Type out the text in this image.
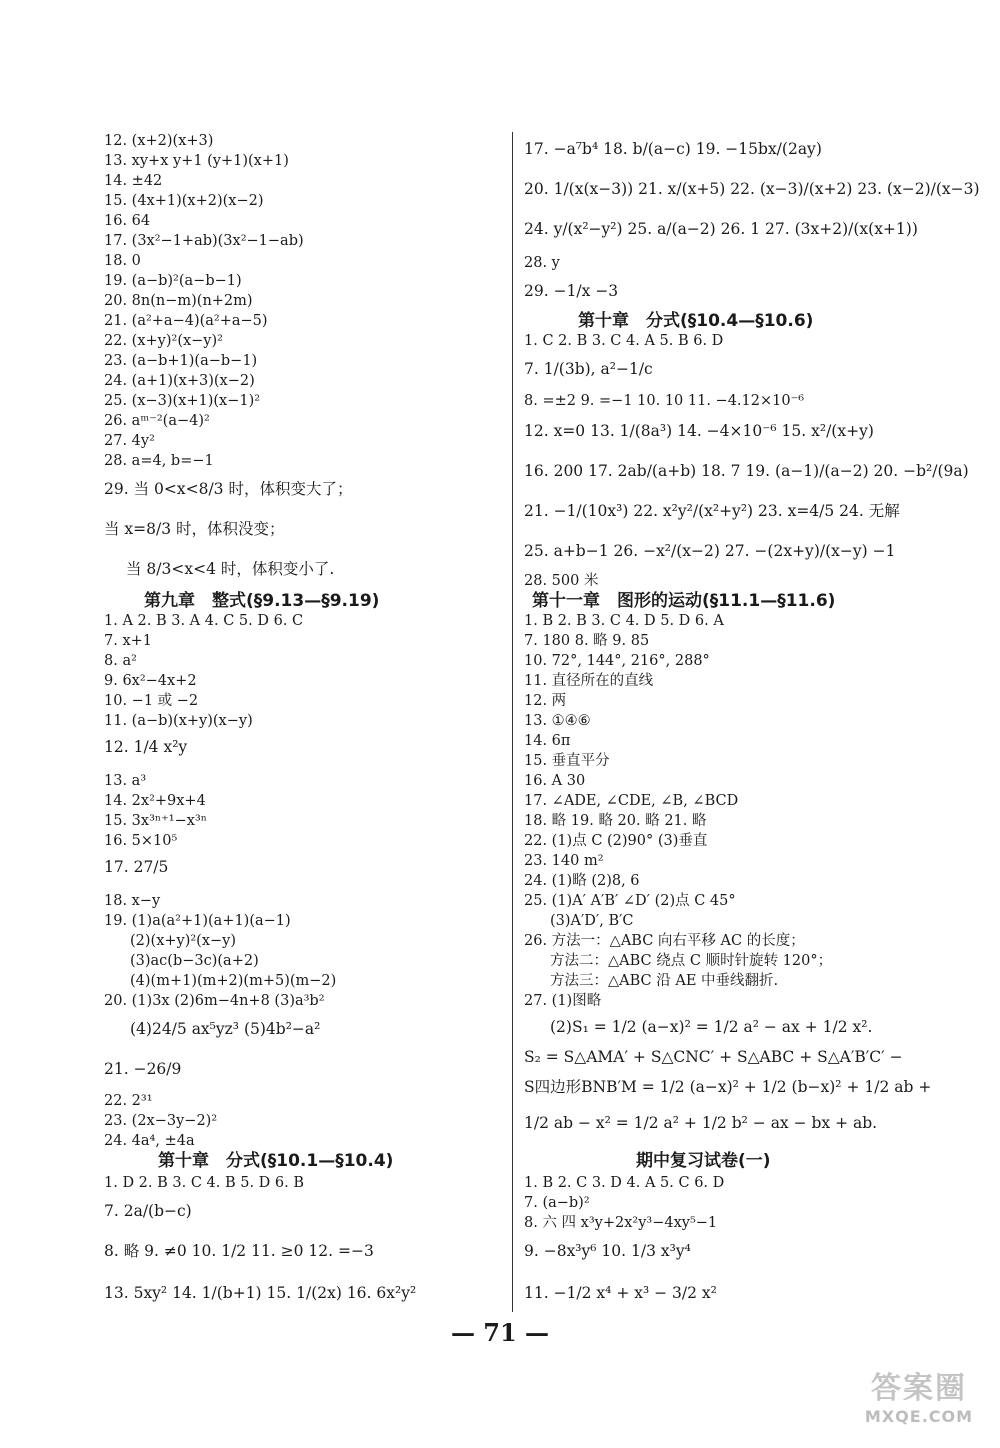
12. (x+2)(x+3)
13. xy+x y+1 (y+1)(x+1)
14. ±42
15. (4x+1)(x+2)(x−2)
16. 64
17. (3x²−1+ab)(3x²−1−ab)
18. 0
19. (a−b)²(a−b−1)
20. 8n(n−m)(n+2m)
21. (a²+a−4)(a²+a−5)
22. (x+y)²(x−y)²
23. (a−b+1)(a−b−1)
24. (a+1)(x+3)(x−2)
25. (x−3)(x+1)(x−1)²
26. aᵐ⁻²(a−4)²
27. 4y²
28. a=4, b=−1
29. 当 0<x<8/3 时，体积变大了；
当 x=8/3 时，体积没变；
当 8/3<x<4 时，体积变小了.
第九章　整式(§9.13—§9.19)
1. A 2. B 3. A 4. C 5. D 6. C
7. x+1
8. a²
9. 6x²−4x+2
10. −1 或 −2
11. (a−b)(x+y)(x−y)
12. 1/4 x²y
13. a³
14. 2x²+9x+4
15. 3x³ⁿ⁺¹−x³ⁿ
16. 5×10⁵
17. 27/5
18. x−y
19. (1)a(a²+1)(a+1)(a−1)
(2)(x+y)²(x−y)
(3)ac(b−3c)(a+2)
(4)(m+1)(m+2)(m+5)(m−2)
20. (1)3x (2)6m−4n+8 (3)a³b²
(4)24/5 ax⁵yz³ (5)4b²−a²
21. −26/9
22. 2³¹
23. (2x−3y−2)²
24. 4a⁴, ±4a
第十章　分式(§10.1—§10.4)
1. D 2. B 3. C 4. B 5. D 6. B
7. 2a/(b−c)
8. 略 9. ≠0 10. 1/2 11. ≥0 12. =−3
13. 5xy² 14. 1/(b+1) 15. 1/(2x) 16. 6x²y²
17. −a⁷b⁴ 18. b/(a−c) 19. −15bx/(2ay)
20. 1/(x(x−3)) 21. x/(x+5) 22. (x−3)/(x+2) 23. (x−2)/(x−3)
24. y/(x²−y²) 25. a/(a−2) 26. 1 27. (3x+2)/(x(x+1))
28. y
29. −1/x −3
第十章　分式(§10.4—§10.6)
1. C 2. B 3. C 4. A 5. B 6. D
7. 1/(3b), a²−1/c
8. =±2 9. =−1 10. 10 11. −4.12×10⁻⁶
12. x=0 13. 1/(8a³) 14. −4×10⁻⁶ 15. x²/(x+y)
16. 200 17. 2ab/(a+b) 18. 7 19. (a−1)/(a−2) 20. −b²/(9a)
21. −1/(10x³) 22. x²y²/(x²+y²) 23. x=4/5 24. 无解
25. a+b−1 26. −x²/(x−2) 27. −(2x+y)/(x−y) −1
28. 500 米
第十一章　图形的运动(§11.1—§11.6)
1. B 2. B 3. C 4. D 5. D 6. A
7. 180 8. 略 9. 85
10. 72°, 144°, 216°, 288°
11. 直径所在的直线
12. 两
13. ①④⑥
14. 6π
15. 垂直平分
16. A 30
17. ∠ADE, ∠CDE, ∠B, ∠BCD
18. 略 19. 略 20. 略 21. 略
22. (1)点 C (2)90° (3)垂直
23. 140 m²
24. (1)略 (2)8, 6
25. (1)A′ A′B′ ∠D′ (2)点 C 45°
(3)A′D′, B′C
26. 方法一：△ABC 向右平移 AC 的长度；
方法二：△ABC 绕点 C 顺时针旋转 120°；
方法三：△ABC 沿 AE 中垂线翻折.
27. (1)图略
(2)S₁ = 1/2 (a−x)² = 1/2 a² − ax + 1/2 x².
S₂ = S△AMA′ + S△CNC′ + S△ABC + S△A′B′C′ −
S四边形BNB′M = 1/2 (a−x)² + 1/2 (b−x)² + 1/2 ab +
1/2 ab − x² = 1/2 a² + 1/2 b² − ax − bx + ab.
期中复习试卷(一)
1. B 2. C 3. D 4. A 5. C 6. D
7. (a−b)²
8. 六 四 x³y+2x²y³−4xy⁵−1
9. −8x³y⁶ 10. 1/3 x³y⁴
11. −1/2 x⁴ + x³ − 3/2 x²
— 71 —
答案圈
MXQE.COM
